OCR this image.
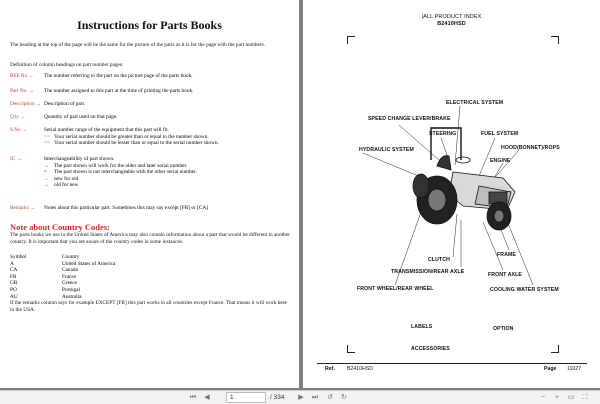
Instructions for Parts Books
The heading at the top of the page will be the same for the picture of the parts as it is for the page with the part numbers.
Definition of column headings on part number pages:
REF.No → The number referring to the part on the picture page of the parts book.
Part No. → The number assigned to this part at the time of printing the parts book.
Description → Description of part.
Q'ty →	Quantity of part used on that page.
S.No →	Serial number range of the equipment that this part will fit.
>= Your serial number should be greater than or equal to the number shown.
<= Your serial number should be lesser than or equal to the serial number shown.
IC →	Interchangeability of part shown.
→ The part shown will work for the older and later serial number.
≠ The part shown is not interchangeable with the other serial number.
← new for old
→ old for new
Remarks → Notes about this particular part. Sometimes this may say except [FR] or [CA]
Note about Country Codes:
The parts books we use in the United States of America may also contain information about a part that would be different in another country. It is important that you are aware of the country codes in some instances.
Symbol	Country
A	United States of America
CA	Canada
FR	France
GR	Greece
PO	Portugal
AU	Australia
If the remarks column says for example EXCEPT [FR] this part works in all countries except France. That means it will work here in the USA.
|ALL PRODUCT INDEX
B2410HSD
ELECTRICAL SYSTEM
SPEED CHANGE LEVER/BRAKE
STEERING	FUEL SYSTEM
HYDRAULIC SYSTEM	HOOD(BONNET)/ROPS
ENGINE
FRAME
TRANSMISSION/REAR AXLE
CLUTCH
FRONT AXLE
FRONT WHEEL/REAR WHEEL	COOLING WATER SYSTEM
LABELS	OPTION
ACCESSORIES
Ref. B2410HSD	Page 11027
⏮	◀	1	/ 334	▶	⏭ ↺ ↻	−	+	▭	⛶
